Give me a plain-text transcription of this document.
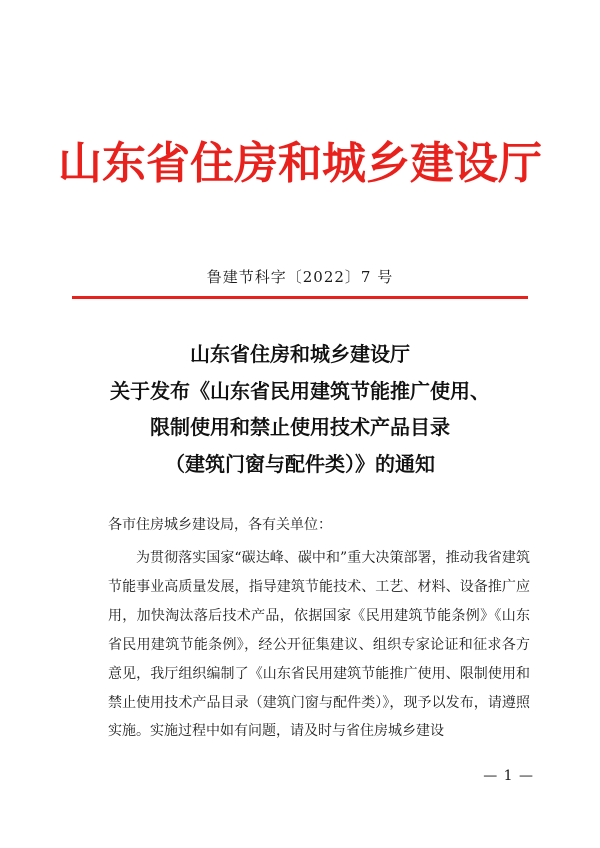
山东省住房和城乡建设厅
鲁建节科字〔2022〕7 号
山东省住房和城乡建设厅
关于发布《山东省民用建筑节能推广使用、
限制使用和禁止使用技术产品目录
（建筑门窗与配件类）》的通知
各市住房城乡建设局，各有关单位：

为贯彻落实国家“碳达峰、碳中和”重大决策部署，推动我省建筑节能事业高质量发展，指导建筑节能技术、工艺、材料、设备推广应用，加快淘汰落后技术产品，依据国家《民用建筑节能条例》《山东省民用建筑节能条例》，经公开征集建议、组织专家论证和征求各方意见，我厅组织编制了《山东省民用建筑节能推广使用、限制使用和禁止使用技术产品目录（建筑门窗与配件类）》，现予以发布，请遵照实施。实施过程中如有问题，请及时与省住房城乡建设

— 1 —
